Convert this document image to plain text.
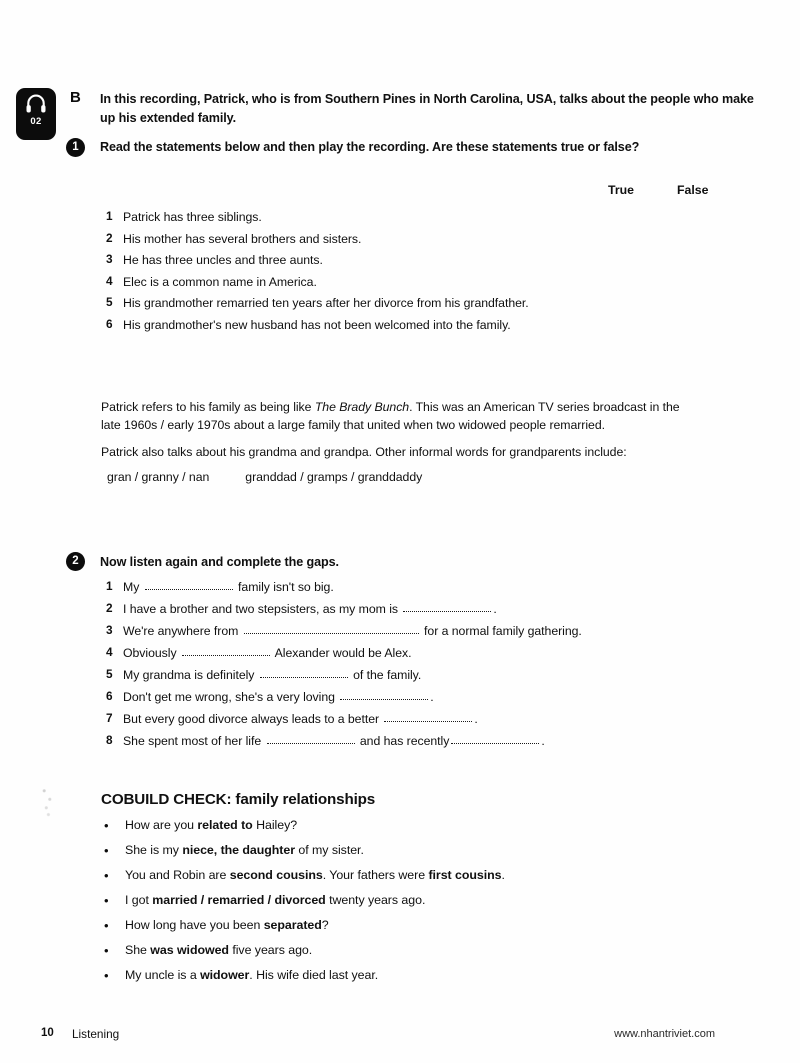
02
B In this recording, Patrick, who is from Southern Pines in North Carolina, USA, talks about the people who make up his extended family.
1	Read the statements below and then play the recording. Are these statements true or false?
True	False
1 Patrick has three siblings.
2 His mother has several brothers and sisters.
3 He has three uncles and three aunts.
4 Elec is a common name in America.
5 His grandmother remarried ten years after her divorce from his grandfather.
6 His grandmother's new husband has not been welcomed into the family.

Patrick refers to his family as being like The Brady Bunch. This was an American TV series broadcast in the late 1960s / early 1970s about a large family that united when two widowed people remarried.

Patrick also talks about his grandma and grandpa. Other informal words for grandparents include:

gran / granny / nan	granddad / gramps / granddaddy

2	Now listen again and complete the gaps.
1 My	family isn't so big.
2 I have a brother and two stepsisters, as my mom is	.
3 We're anywhere from	for a normal family gathering.
4 Obviously	Alexander would be Alex.
5 My grandma is definitely	of the family.
6 Don't get me wrong, she's a very loving	.
7 But every good divorce always leads to a better	.
8 She spent most of her life	and has recently	.
COBUILD CHECK: family relationships
•	How are you related to Hailey?
•	She is my niece, the daughter of my sister.
•	You and Robin are second cousins. Your fathers were first cousins.
•	I got married / remarried / divorced twenty years ago.
•	How long have you been separated?
•	She was widowed five years ago.
•	My uncle is a widower. His wife died last year.
10 Listening	www.nhantriviet.com
